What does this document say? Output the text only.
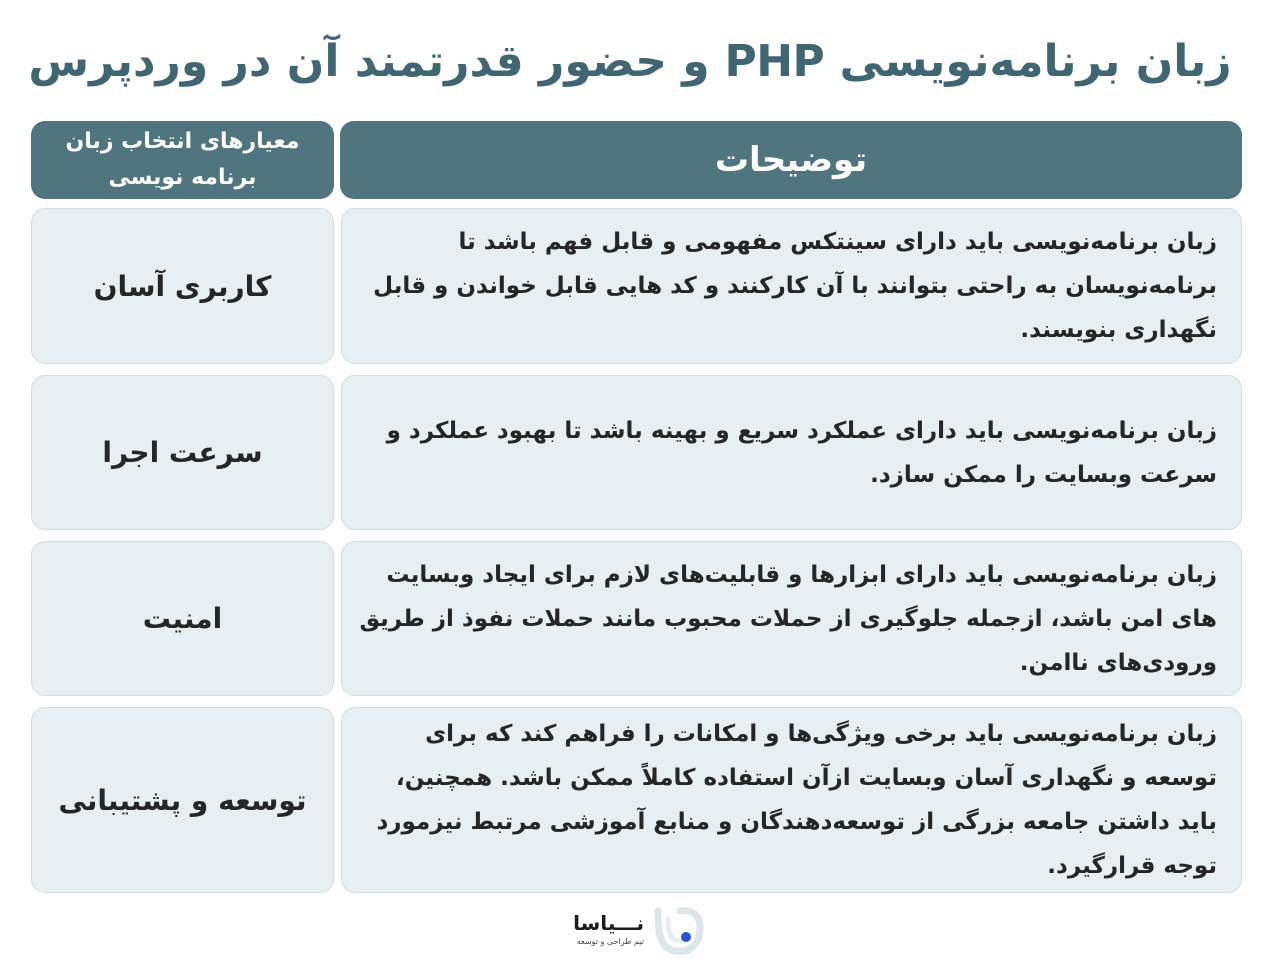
زبان برنامه‌نویسی PHP و حضور قدرتمند آن در وردپرس
معیارهای انتخاب زبان برنامه نویسی	توضیحات
کاربری آسان

زبان برنامه‌نویسی باید دارای سینتکس مفهومی و قابل فهم باشد تا برنامه‌نویسان به راحتی بتوانند با آن کارکنند و کد هایی قابل خواندن و قابل نگهداری بنویسند.

سرعت اجرا

زبان برنامه‌نویسی باید دارای عملکرد سریع و بهینه باشد تا بهبود عملکرد و سرعت وبسایت را ممکن سازد.

امنیت

زبان برنامه‌نویسی باید دارای ابزارها و قابلیت‌های لازم برای ایجاد وبسایت های امن باشد، ازجمله جلوگیری از حملات محبوب مانند حملات نفوذ از طریق ورودی‌های ناامن.

توسعه و پشتیبانی

زبان برنامه‌نویسی باید برخی ویژگی‌ها و امکانات را فراهم کند که برای توسعه و نگهداری آسان وبسایت ازآن استفاده کاملاً ممکن باشد. همچنین، باید داشتن جامعه بزرگی از توسعه‌دهندگان و منابع آموزشی مرتبط نیزمورد توجه قرارگیرد.

نـــیاسا
تیم طراحی و توسعه
